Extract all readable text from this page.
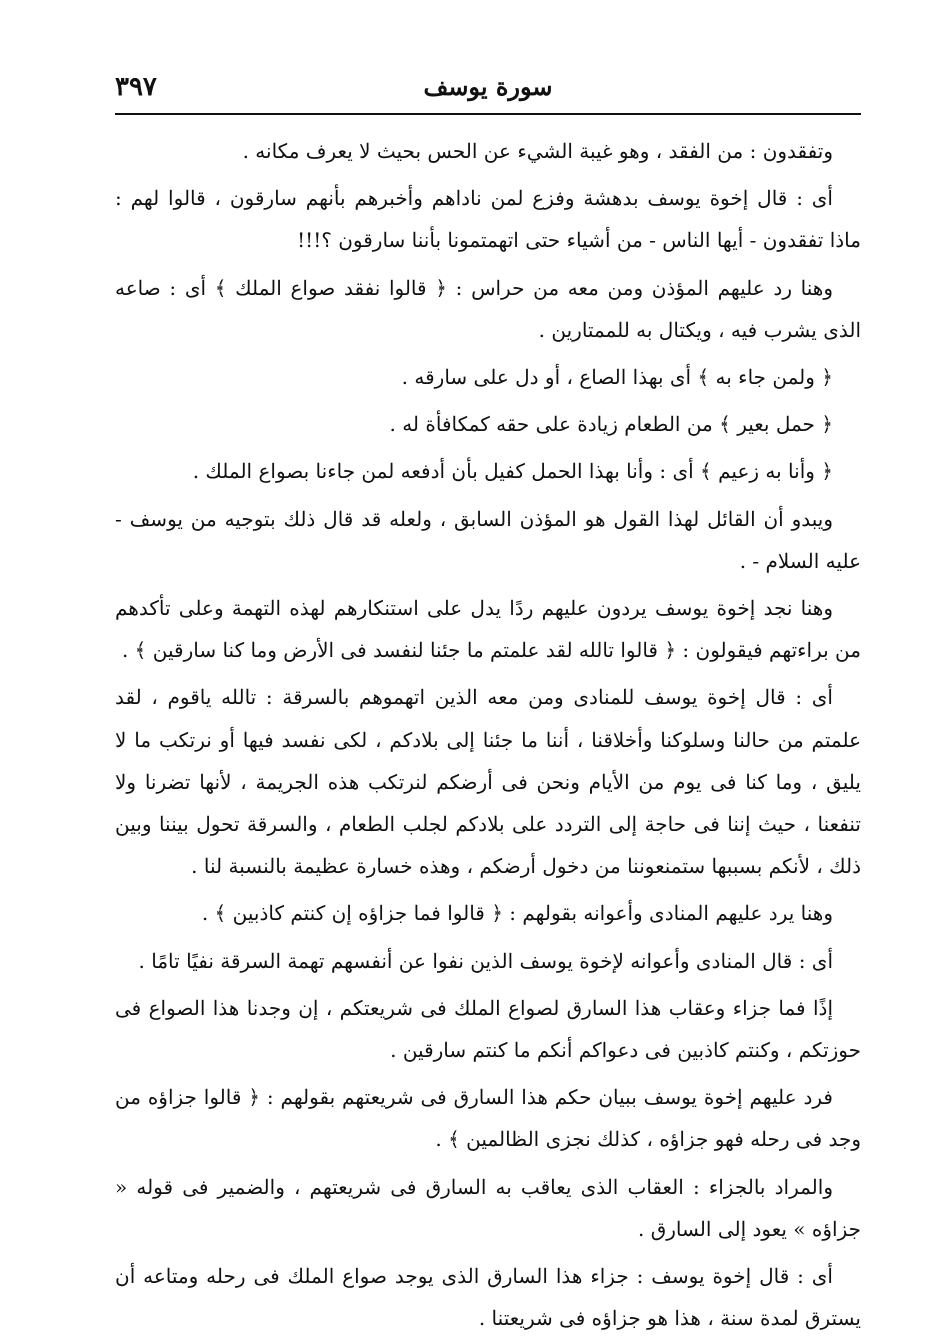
٣٩٧	سورة يوسف

وتفقدون : من الفقد ، وهو غيبة الشيء عن الحس بحيث لا يعرف مكانه .

أى : قال إخوة يوسف بدهشة وفزع لمن ناداهم وأخبرهم بأنهم سارقون ، قالوا لهم : ماذا تفقدون - أيها الناس - من أشياء حتى اتهمتمونا بأننا سارقون ؟!!!

وهنا رد عليهم المؤذن ومن معه من حراس : ﴿ قالوا نفقد صواع الملك ﴾ أى : صاعه الذى يشرب فيه ، ويكتال به للممتارين .

﴿ ولمن جاء به ﴾ أى بهذا الصاع ، أو دل على سارقه .

﴿ حمل بعير ﴾ من الطعام زيادة على حقه كمكافأة له .

﴿ وأنا به زعيم ﴾ أى : وأنا بهذا الحمل كفيل بأن أدفعه لمن جاءنا بصواع الملك .

ويبدو أن القائل لهذا القول هو المؤذن السابق ، ولعله قد قال ذلك بتوجيه من يوسف - عليه السلام - .

وهنا نجد إخوة يوسف يردون عليهم ردًا يدل على استنكارهم لهذه التهمة وعلى تأكدهم من براءتهم فيقولون : ﴿ قالوا تالله لقد علمتم ما جئنا لنفسد فى الأرض وما كنا سارقين ﴾ .

أى : قال إخوة يوسف للمنادى ومن معه الذين اتهموهم بالسرقة : تالله ياقوم ، لقد علمتم من حالنا وسلوكنا وأخلاقنا ، أننا ما جئنا إلى بلادكم ، لكى نفسد فيها أو نرتكب ما لا يليق ، وما كنا فى يوم من الأيام ونحن فى أرضكم لنرتكب هذه الجريمة ، لأنها تضرنا ولا تنفعنا ، حيث إننا فى حاجة إلى التردد على بلادكم لجلب الطعام ، والسرقة تحول بيننا وبين ذلك ، لأنكم بسببها ستمنعوننا من دخول أرضكم ، وهذه خسارة عظيمة بالنسبة لنا .

وهنا يرد عليهم المنادى وأعوانه بقولهم : ﴿ قالوا فما جزاؤه إن كنتم كاذبين ﴾ .

أى : قال المنادى وأعوانه لإخوة يوسف الذين نفوا عن أنفسهم تهمة السرقة نفيًا تامًا .

إذًا فما جزاء وعقاب هذا السارق لصواع الملك فى شريعتكم ، إن وجدنا هذا الصواع فى حوزتكم ، وكنتم كاذبين فى دعواكم أنكم ما كنتم سارقين .

فرد عليهم إخوة يوسف ببيان حكم هذا السارق فى شريعتهم بقولهم : ﴿ قالوا جزاؤه من وجد فى رحله فهو جزاؤه ، كذلك نجزى الظالمين ﴾ .

والمراد بالجزاء : العقاب الذى يعاقب به السارق فى شريعتهم ، والضمير فى قوله « جزاؤه » يعود إلى السارق .

أى : قال إخوة يوسف : جزاء هذا السارق الذى يوجد صواع الملك فى رحله ومتاعه أن يسترق لمدة سنة ، هذا هو جزاؤه فى شريعتنا .
